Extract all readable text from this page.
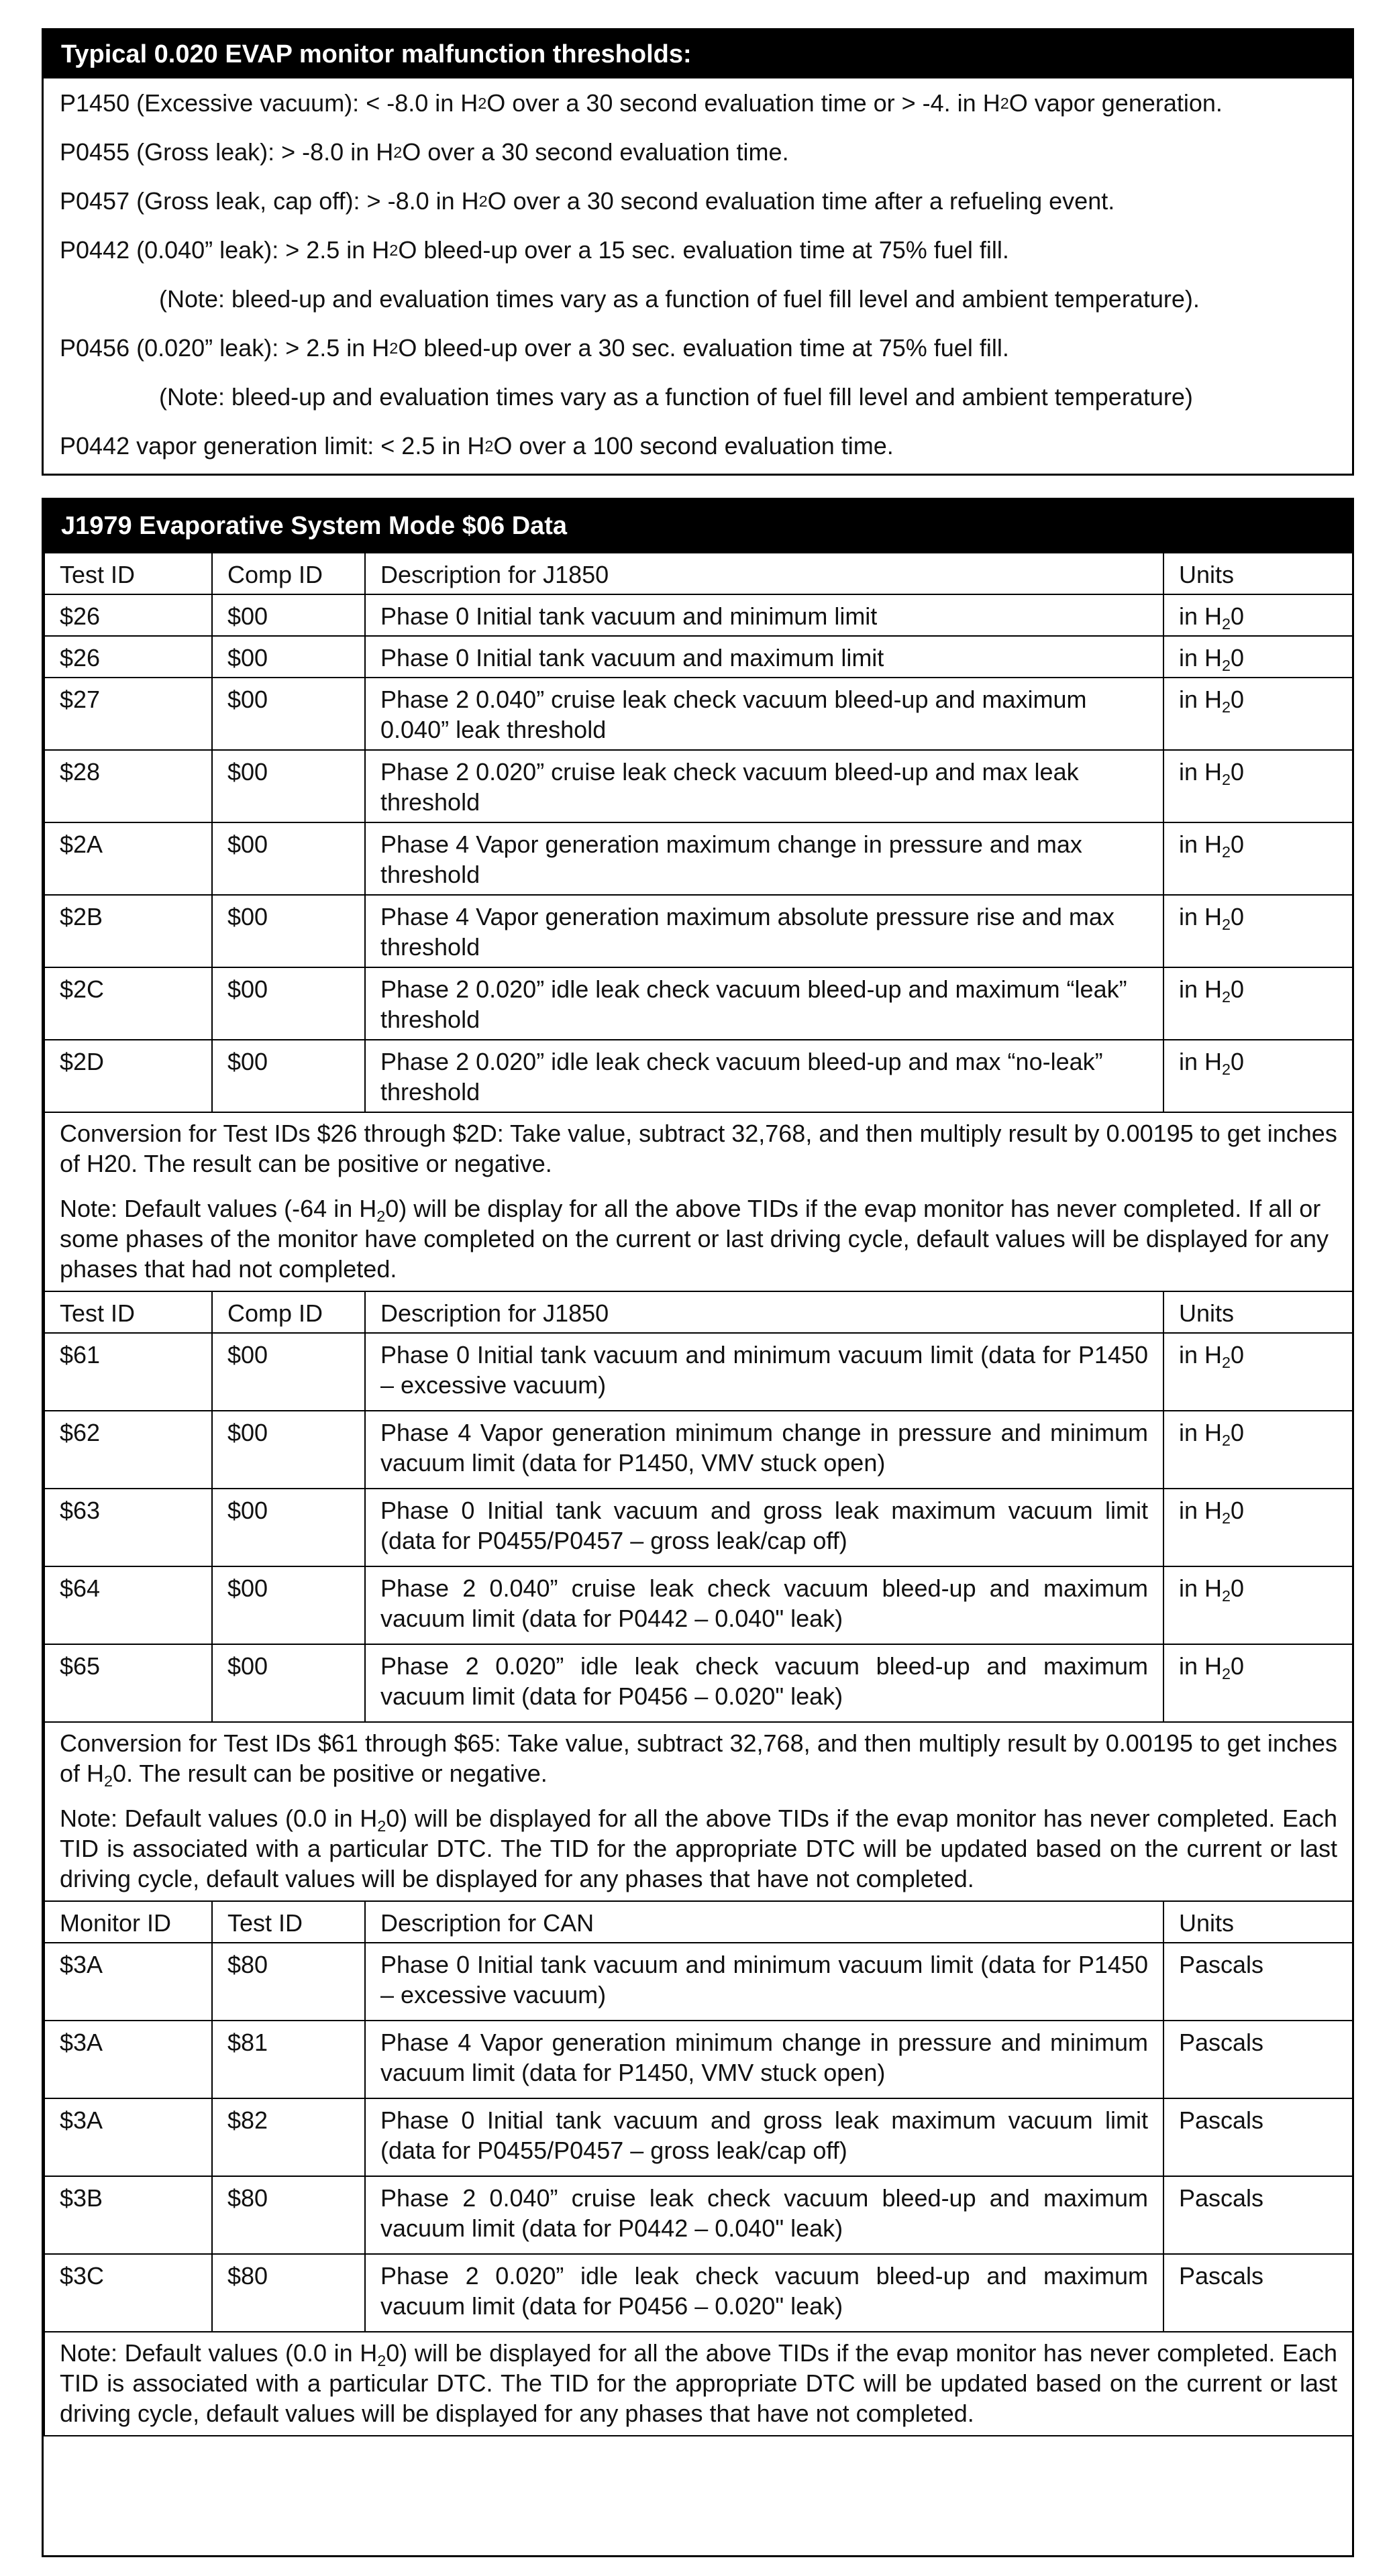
Typical 0.020 EVAP monitor malfunction thresholds:
P1450 (Excessive vacuum): < -8.0 in H 2 O over a 30 second evaluation time or > -4. in H 2 O vapor generation.
P0455 (Gross leak): > -8.0 in H 2 O over a 30 second evaluation time.
P0457 (Gross leak, cap off): > -8.0 in H 2 O over a 30 second evaluation time after a refueling event.
P0442 (0.040” leak): > 2.5 in H 2 O bleed-up over a 15 sec. evaluation time at 75% fuel fill.
(Note: bleed-up and evaluation times vary as a function of fuel fill level and ambient temperature).
P0456 (0.020” leak): > 2.5 in H 2 O bleed-up over a 30 sec. evaluation time at 75% fuel fill.
(Note: bleed-up and evaluation times vary as a function of fuel fill level and ambient temperature)
P0442 vapor generation limit: < 2.5 in H 2 O over a 100 second evaluation time.
J1979 Evaporative System Mode $06 Data
Test ID	Comp ID	Description for J1850	Units
$26	$00	Phase 0 Initial tank vacuum and minimum limit	in $H_20$
$26	$00	Phase 0 Initial tank vacuum and maximum limit	in $H_20$
$27	$00	Phase 2 0.040” cruise leak check vacuum bleed-up and maximum 0.040” leak threshold	in $H_20$
$28	$00	Phase 2 0.020” cruise leak check vacuum bleed-up and max leak threshold	in $H_20$
$2A	$00	Phase 4 Vapor generation maximum change in pressure and max threshold	in $H_20$
$2B	$00	Phase 4 Vapor generation maximum absolute pressure rise and max threshold	in $H_20$
$2C	$00	Phase 2 0.020” idle leak check vacuum bleed-up and maximum “leak” threshold	in $H_20$
$2D	$00	Phase 2 0.020” idle leak check vacuum bleed-up and max “no-leak” threshold	in $H_20$

Conversion for Test IDs $26 through $2D: Take value, subtract 32,768, and then multiply result by 0.00195 to get inches of H20. The result can be positive or negative.

Note: Default values (-64 in $H_20$) will be display for all the above TIDs if the evap monitor has never completed. If all or some phases of the monitor have completed on the current or last driving cycle, default values will be displayed for any phases that had not completed.			

Test ID	Comp ID	Description for J1850	Units
$61	$00	Phase 0 Initial tank vacuum and minimum vacuum limit (data for P1450 – excessive vacuum)	in $H_20$
$62	$00	Phase 4 Vapor generation minimum change in pressure and minimum vacuum limit (data for P1450, VMV stuck open)	in $H_20$
$63	$00	Phase 0 Initial tank vacuum and gross leak maximum vacuum limit (data for P0455/P0457 – gross leak/cap off)	in $H_20$
$64	$00	Phase 2 0.040” cruise leak check vacuum bleed-up and maximum vacuum limit (data for P0442 – 0.040" leak)	in $H_20$
$65	$00	Phase 2 0.020” idle leak check vacuum bleed-up and maximum vacuum limit (data for P0456 – 0.020" leak)	in $H_20$

Conversion for Test IDs $61 through $65: Take value, subtract 32,768, and then multiply result by 0.00195 to get inches of $H_20$. The result can be positive or negative.

Note: Default values (0.0 in $H_20$) will be displayed for all the above TIDs if the evap monitor has never completed. Each TID is associated with a particular DTC. The TID for the appropriate DTC will be updated based on the current or last driving cycle, default values will be displayed for any phases that have not completed.			

Monitor ID	Test ID	Description for CAN	Units
$3A	$80	Phase 0 Initial tank vacuum and minimum vacuum limit (data for P1450 – excessive vacuum)	Pascals
$3A	$81	Phase 4 Vapor generation minimum change in pressure and minimum vacuum limit (data for P1450, VMV stuck open)	Pascals
$3A	$82	Phase 0 Initial tank vacuum and gross leak maximum vacuum limit (data for P0455/P0457 – gross leak/cap off)	Pascals
$3B	$80	Phase 2 0.040” cruise leak check vacuum bleed-up and maximum vacuum limit (data for P0442 – 0.040" leak)	Pascals
$3C	$80	Phase 2 0.020” idle leak check vacuum bleed-up and maximum vacuum limit (data for P0456 – 0.020" leak)	Pascals

Note: Default values (0.0 in $H_20$) will be displayed for all the above TIDs if the evap monitor has never completed. Each TID is associated with a particular DTC. The TID for the appropriate DTC will be updated based on the current or last driving cycle, default values will be displayed for any phases that have not completed.			
